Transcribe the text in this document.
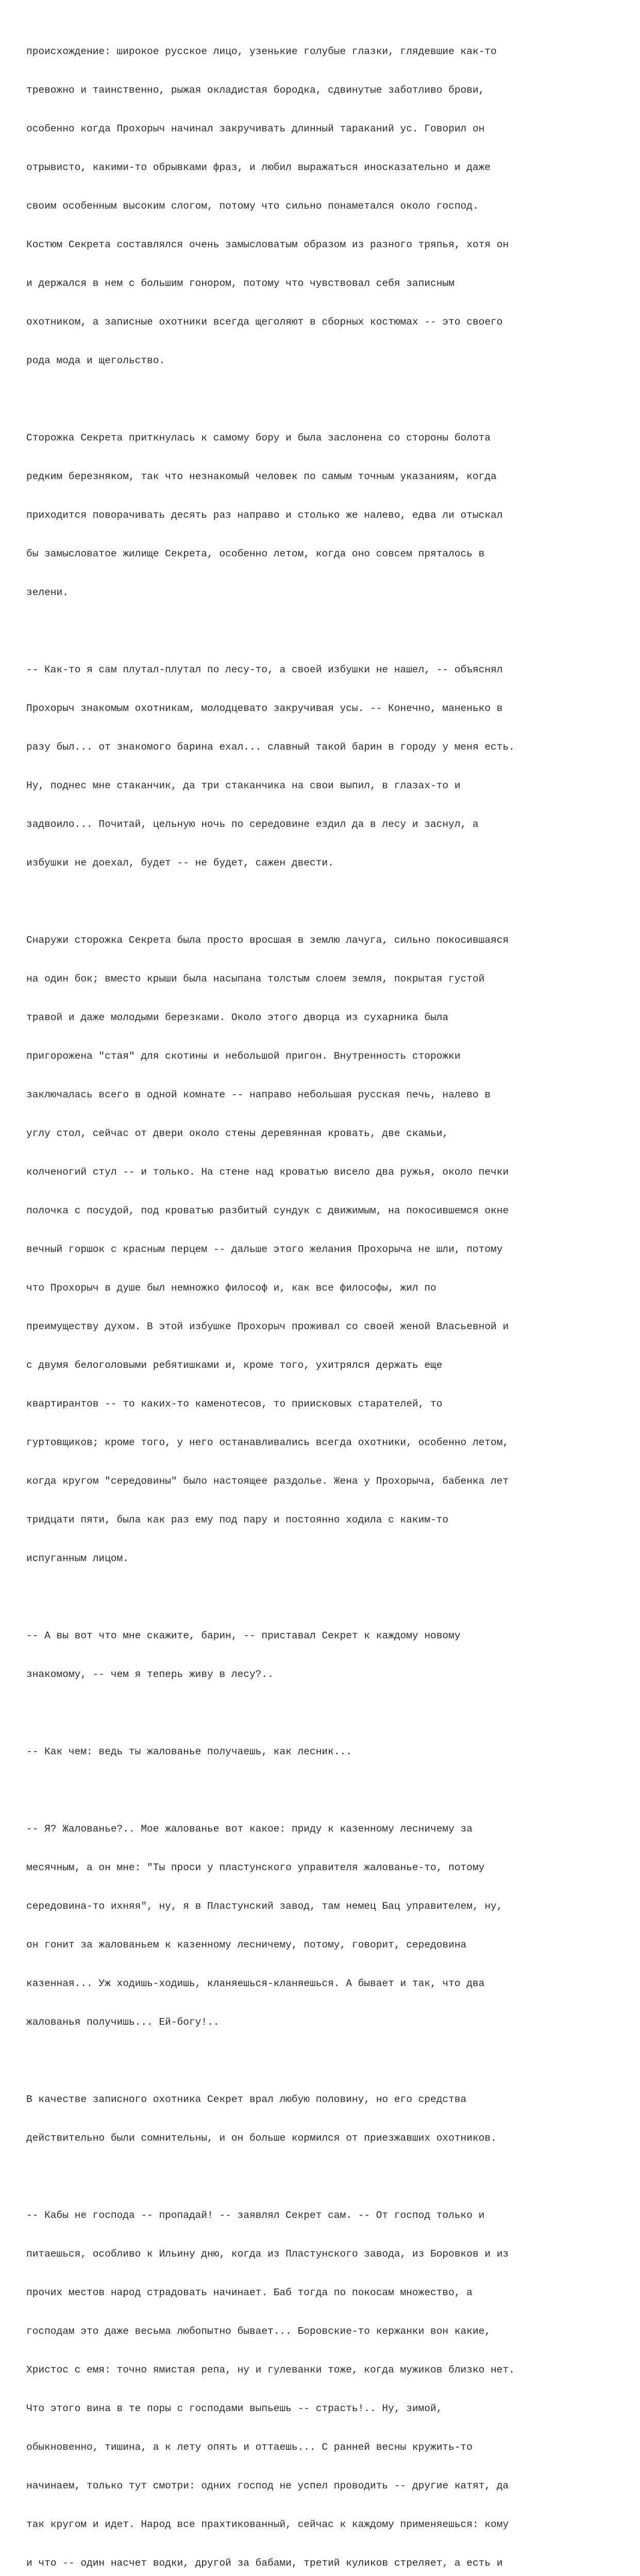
происхождение: широкое русское лицо, узенькие голубые глазки, глядевшие как-то

тревожно и таинственно, рыжая окладистая бородка, сдвинутые заботливо брови,

особенно когда Прохорыч начинал закручивать длинный тараканий ус. Говорил он

отрывисто, какими-то обрывками фраз, и любил выражаться иносказательно и даже

своим особенным высоким слогом, потому что сильно понаметался около господ.

Костюм Секрета составлялся очень замысловатым образом из разного тряпья, хотя он

и держался в нем с большим гонором, потому что чувствовал себя записным

охотником, а записные охотники всегда щеголяют в сборных костюмах -- это своего

рода мода и щегольство.

Сторожка Секрета приткнулась к самому бору и была заслонена со стороны болота

редким березняком, так что незнакомый человек по самым точным указаниям, когда

приходится поворачивать десять раз направо и столько же налево, едва ли отыскал

бы замысловатое жилище Секрета, особенно летом, когда оно совсем пряталось в

зелени.

-- Как-то я сам плутал-плутал по лесу-то, а своей избушки не нашел, -- объяснял

Прохорыч знакомым охотникам, молодцевато закручивая усы. -- Конечно, маненько в

разу был... от знакомого барина ехал... славный такой барин в городу у меня есть.

Ну, поднес мне стаканчик, да три стаканчика на свои выпил, в глазах-то и

задвоило... Почитай, цельную ночь по середовине ездил да в лесу и заснул, а

избушки не доехал, будет -- не будет, сажен двести.

Снаружи сторожка Секрета была просто вросшая в землю лачуга, сильно покосившаяся

на один бок; вместо крыши была насыпана толстым слоем земля, покрытая густой

травой и даже молодыми березками. Около этого дворца из сухарника была

пригорожена "стая" для скотины и небольшой пригон. Внутренность сторожки

заключалась всего в одной комнате -- направо небольшая русская печь, налево в

углу стол, сейчас от двери около стены деревянная кровать, две скамьи,

колченогий стул -- и только. На стене над кроватью висело два ружья, около печки

полочка с посудой, под кроватью разбитый сундук с движимым, на покосившемся окне

вечный горшок с красным перцем -- дальше этого желания Прохорыча не шли, потому

что Прохорыч в душе был немножко философ и, как все философы, жил по

преимуществу духом. В этой избушке Прохорыч проживал со своей женой Власьевной и

с двумя белоголовыми ребятишками и, кроме того, ухитрялся держать еще

квартирантов -- то каких-то каменотесов, то приисковых старателей, то

гуртовщиков; кроме того, у него останавливались всегда охотники, особенно летом,

когда кругом "середовины" было настоящее раздолье. Жена у Прохорыча, бабенка лет

тридцати пяти, была как раз ему под пару и постоянно ходила с каким-то

испуганным лицом.

-- А вы вот что мне скажите, барин, -- приставал Секрет к каждому новому

знакомому, -- чем я теперь живу в лесу?..

-- Как чем: ведь ты жалованье получаешь, как лесник...

-- Я? Жалованье?.. Мое жалованье вот какое: приду к казенному лесничему за

месячным, а он мне: "Ты проси у пластунского управителя жалованье-то, потому

середовина-то ихняя", ну, я в Пластунский завод, там немец Бац управителем, ну,

он гонит за жалованьем к казенному лесничему, потому, говорит, середовина

казенная... Уж ходишь-ходишь, кланяешься-кланяешься. А бывает и так, что два

жалованья получишь... Ей-богу!..

В качестве записного охотника Секрет врал любую половину, но его средства

действительно были сомнительны, и он больше кормился от приезжавших охотников.

-- Кабы не господа -- пропадай! -- заявлял Секрет сам. -- От господ только и

питаешься, особливо к Ильину дню, когда из Пластунского завода, из Боровков и из

прочих местов народ страдовать начинает. Баб тогда по покосам множество, а

господам это даже весьма любопытно бывает... Боровские-то кержанки вон какие,

Христос с емя: точно ямистая репа, ну и гулеванки тоже, когда мужиков близко нет.

Что этого вина в те поры с господами выпьешь -- страсть!.. Ну, зимой,

обыкновенно, тишина, а к лету опять и оттаешь... С ранней весны кружить-то

начинаем, только тут смотри: одних господ не успел проводить -- другие катят, да

так кругом и идет. Народ все прахтикованный, сейчас к каждому применяешься: кому

и что -- один насчет водки, другой за бабами, третий куликов стреляет, а есть и
